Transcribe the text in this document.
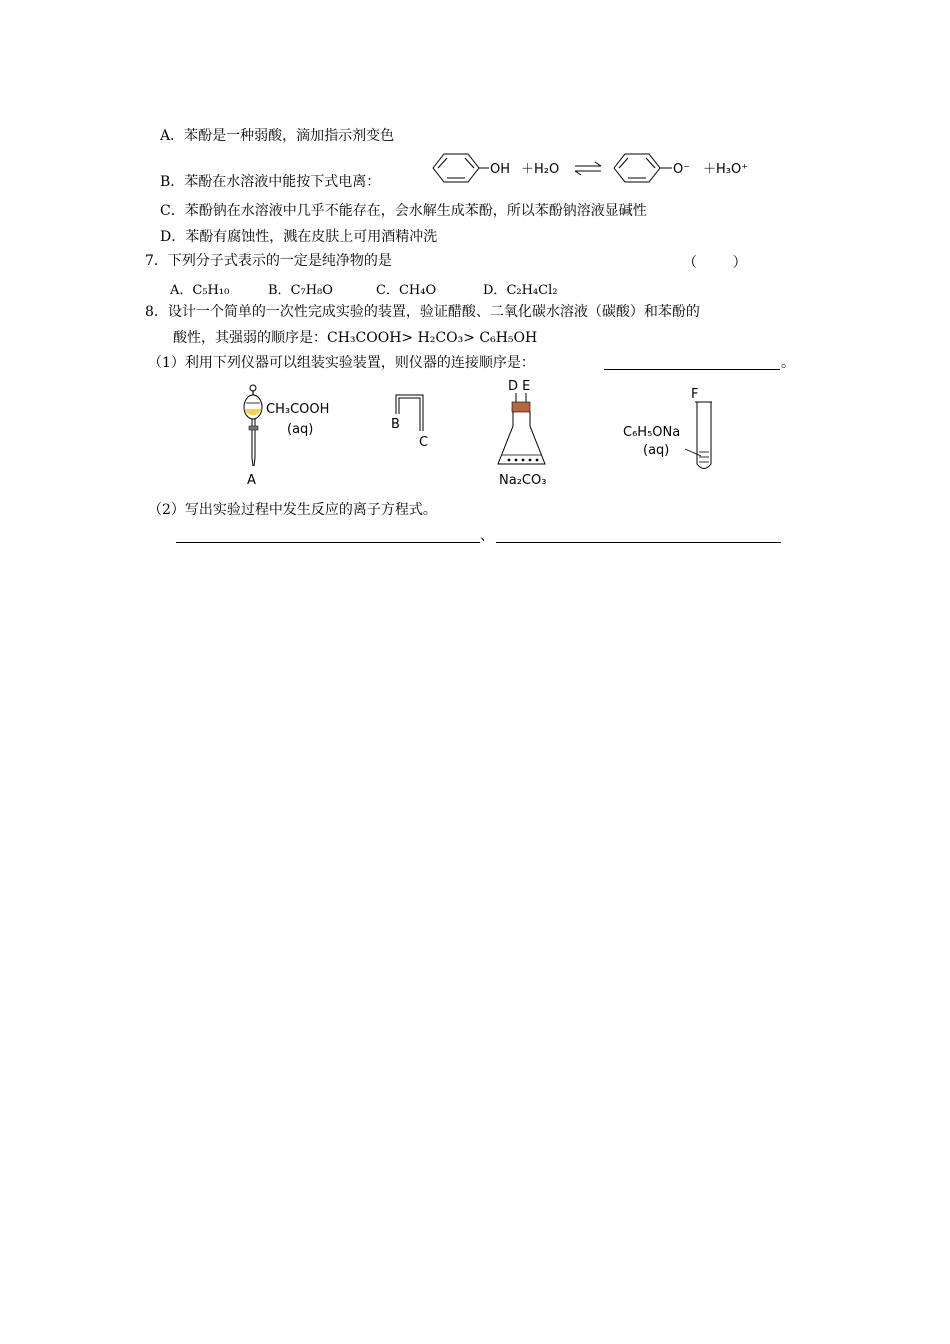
A．苯酚是一种弱酸，滴加指示剂变色
B．苯酚在水溶液中能按下式电离：
OH ＋H₂O	O⁻ ＋H₃O⁺
C．苯酚钠在水溶液中几乎不能存在，会水解生成苯酚，所以苯酚钠溶液显碱性
D．苯酚有腐蚀性，溅在皮肤上可用酒精冲洗
7．下列分子式表示的一定是纯净物的是	（        ）
A．C₅H₁₀	B．C₇H₈O	C．CH₄O	D．C₂H₄Cl₂
8．设计一个简单的一次性完成实验的装置，验证醋酸、二氧化碳水溶液（碳酸）和苯酚的
酸性，其强弱的顺序是：CH₃COOH> H₂CO₃> C₆H₅OH
（1）利用下列仪器可以组装实验装置，则仪器的连接顺序是：	。
A
CH₃COOH
(aq)	B
C
D E
Na₂CO₃
F
C₆H₅ONa
(aq)
（2）写出实验过程中发生反应的离子方程式。
、
